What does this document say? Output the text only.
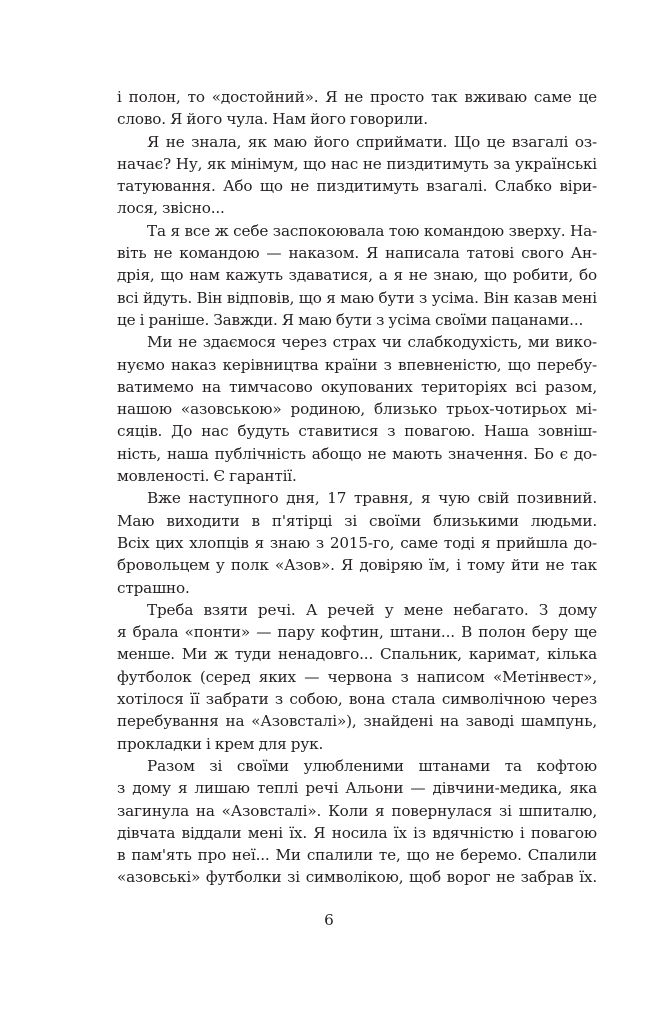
і полон, то «достойний». Я не просто так вживаю саме це
слово. Я його чула. Нам його говорили.
Я не знала, як маю його сприймати. Що це взагалі оз-
начає? Ну, як мінімум, що нас не пиздитимуть за українські
татуювання. Або що не пиздитимуть взагалі. Слабко віри-
лося, звісно...
Та я все ж себе заспокоювала тою командою зверху. На-
віть не командою — наказом. Я написала татові свого Ан-
дрія, що нам кажуть здаватися, а я не знаю, що робити, бо
всі йдуть. Він відповів, що я маю бути з усіма. Він казав мені
це і раніше. Завжди. Я маю бути з усіма своїми пацанами...
Ми не здаємося через страх чи слабкодухість, ми вико-
нуємо наказ керівництва країни з впевненістю, що перебу-
ватимемо на тимчасово окупованих територіях всі разом,
нашою «азовською» родиною, близько трьох-чотирьох мі-
сяців. До нас будуть ставитися з повагою. Наша зовніш-
ність, наша публічність абощо не мають значення. Бо є до-
мовленості. Є гарантії.
Вже наступного дня, 17 травня, я чую свій позивний.
Маю виходити в п'ятірці зі своїми близькими людьми.
Всіх цих хлопців я знаю з 2015-го, саме тоді я прийшла до-
бровольцем у полк «Азов». Я довіряю їм, і тому йти не так
страшно.
Треба взяти речі. А речей у мене небагато. З дому
я брала «понти» — пару кофтин, штани... В полон беру ще
менше. Ми ж туди ненадовго... Спальник, каримат, кілька
футболок (серед яких — червона з написом «Метінвест»,
хотілося її забрати з собою, вона стала символічною через
перебування на «Азовсталі»), знайдені на заводі шампунь,
прокладки і крем для рук.
Разом зі своїми улюбленими штанами та кофтою
з дому я лишаю теплі речі Альони — дівчини-медика, яка
загинула на «Азовсталі». Коли я повернулася зі шпиталю,
дівчата віддали мені їх. Я носила їх із вдячністю і повагою
в пам'ять про неї... Ми спалили те, що не беремо. Спалили
«азовські» футболки зі символікою, щоб ворог не забрав їх.
6
